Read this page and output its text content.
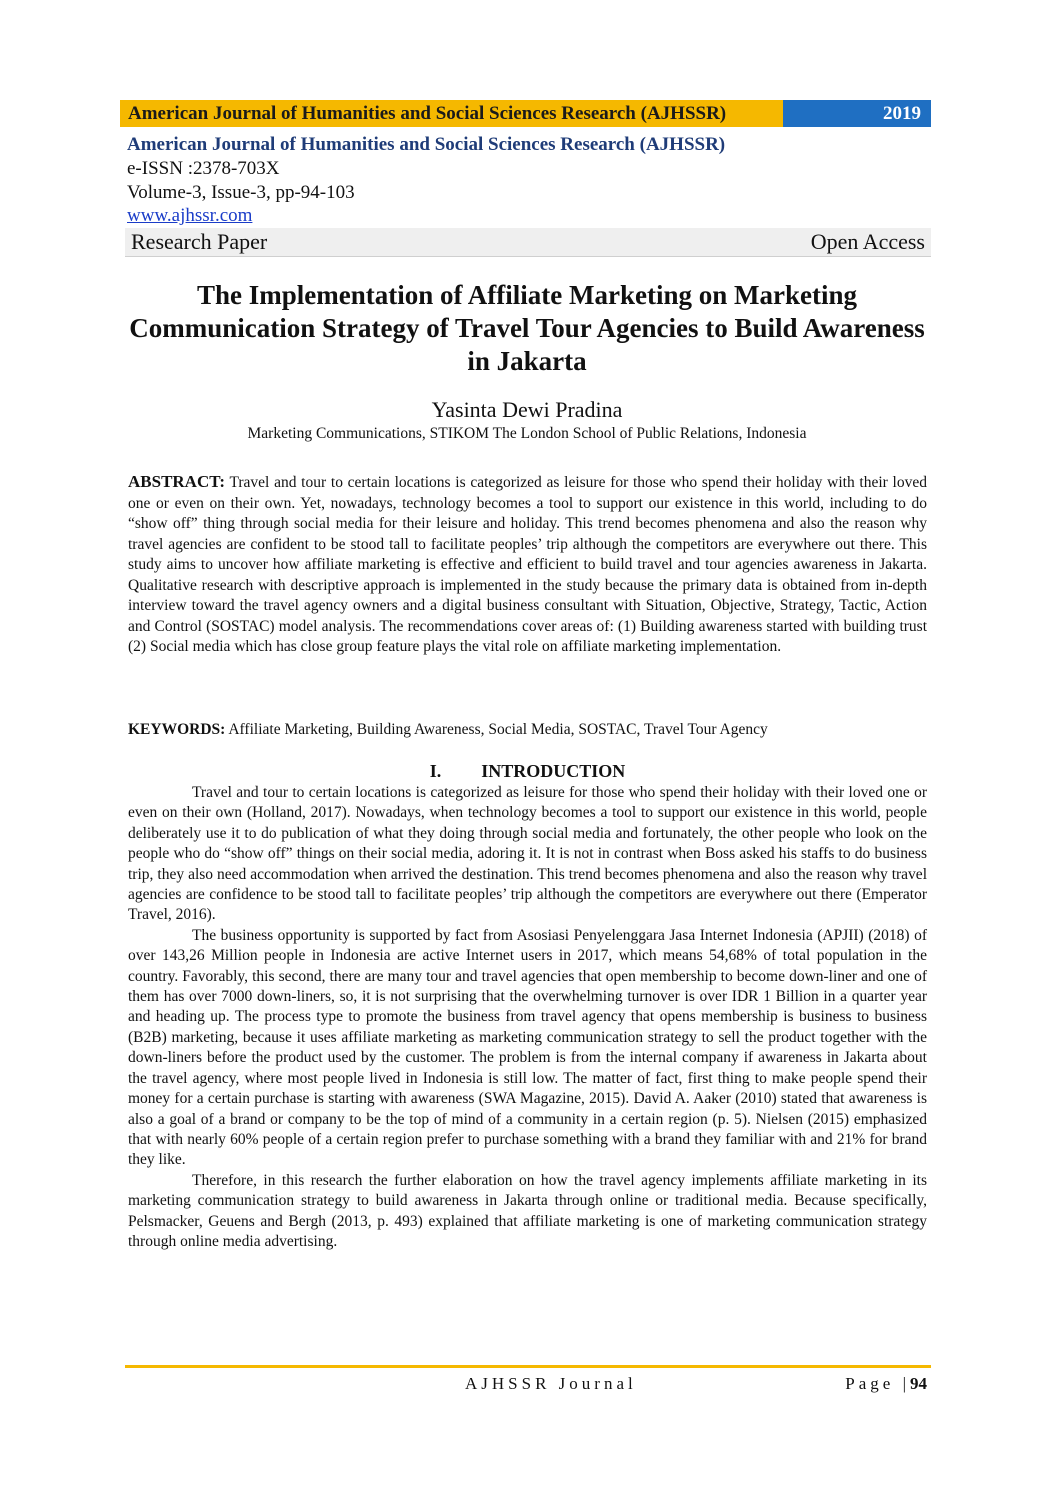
American Journal of Humanities and Social Sciences Research (AJHSSR)	2019
American Journal of Humanities and Social Sciences Research (AJHSSR)
e-ISSN :2378-703X
Volume-3, Issue-3, pp-94-103
www.ajhssr.com
Research Paper	Open Access
The Implementation of Affiliate Marketing on Marketing Communication Strategy of Travel Tour Agencies to Build Awareness in Jakarta
Yasinta Dewi Pradina
Marketing Communications, STIKOM The London School of Public Relations, Indonesia
ABSTRACT: Travel and tour to certain locations is categorized as leisure for those who spend their holiday with their loved one or even on their own. Yet, nowadays, technology becomes a tool to support our existence in this world, including to do “show off” thing through social media for their leisure and holiday. This trend becomes phenomena and also the reason why travel agencies are confident to be stood tall to facilitate peoples’ trip although the competitors are everywhere out there. This study aims to uncover how affiliate marketing is effective and efficient to build travel and tour agencies awareness in Jakarta. Qualitative research with descriptive approach is implemented in the study because the primary data is obtained from in-depth interview toward the travel agency owners and a digital business consultant with Situation, Objective, Strategy, Tactic, Action and Control (SOSTAC) model analysis. The recommendations cover areas of: (1) Building awareness started with building trust (2) Social media which has close group feature plays the vital role on affiliate marketing implementation.
KEYWORDS: Affiliate Marketing, Building Awareness, Social Media, SOSTAC, Travel Tour Agency
I. INTRODUCTION

Travel and tour to certain locations is categorized as leisure for those who spend their holiday with their loved one or even on their own (Holland, 2017). Nowadays, when technology becomes a tool to support our existence in this world, people deliberately use it to do publication of what they doing through social media and fortunately, the other people who look on the people who do “show off” things on their social media, adoring it. It is not in contrast when Boss asked his staffs to do business trip, they also need accommodation when arrived the destination. This trend becomes phenomena and also the reason why travel agencies are confidence to be stood tall to facilitate peoples’ trip although the competitors are everywhere out there (Emperator Travel, 2016).

The business opportunity is supported by fact from Asosiasi Penyelenggara Jasa Internet Indonesia (APJII) (2018) of over 143,26 Million people in Indonesia are active Internet users in 2017, which means 54,68% of total population in the country. Favorably, this second, there are many tour and travel agencies that open membership to become down-liner and one of them has over 7000 down-liners, so, it is not surprising that the overwhelming turnover is over IDR 1 Billion in a quarter year and heading up. The process type to promote the business from travel agency that opens membership is business to business (B2B) marketing, because it uses affiliate marketing as marketing communication strategy to sell the product together with the down-liners before the product used by the customer. The problem is from the internal company if awareness in Jakarta about the travel agency, where most people lived in Indonesia is still low. The matter of fact, first thing to make people spend their money for a certain purchase is starting with awareness (SWA Magazine, 2015). David A. Aaker (2010) stated that awareness is also a goal of a brand or company to be the top of mind of a community in a certain region (p. 5). Nielsen (2015) emphasized that with nearly 60% people of a certain region prefer to purchase something with a brand they familiar with and 21% for brand they like.

Therefore, in this research the further elaboration on how the travel agency implements affiliate marketing in its marketing communication strategy to build awareness in Jakarta through online or traditional media. Because specifically, Pelsmacker, Geuens and Bergh (2013, p. 493) explained that affiliate marketing is one of marketing communication strategy through online media advertising.

AJHSSR Journal	Page |94
